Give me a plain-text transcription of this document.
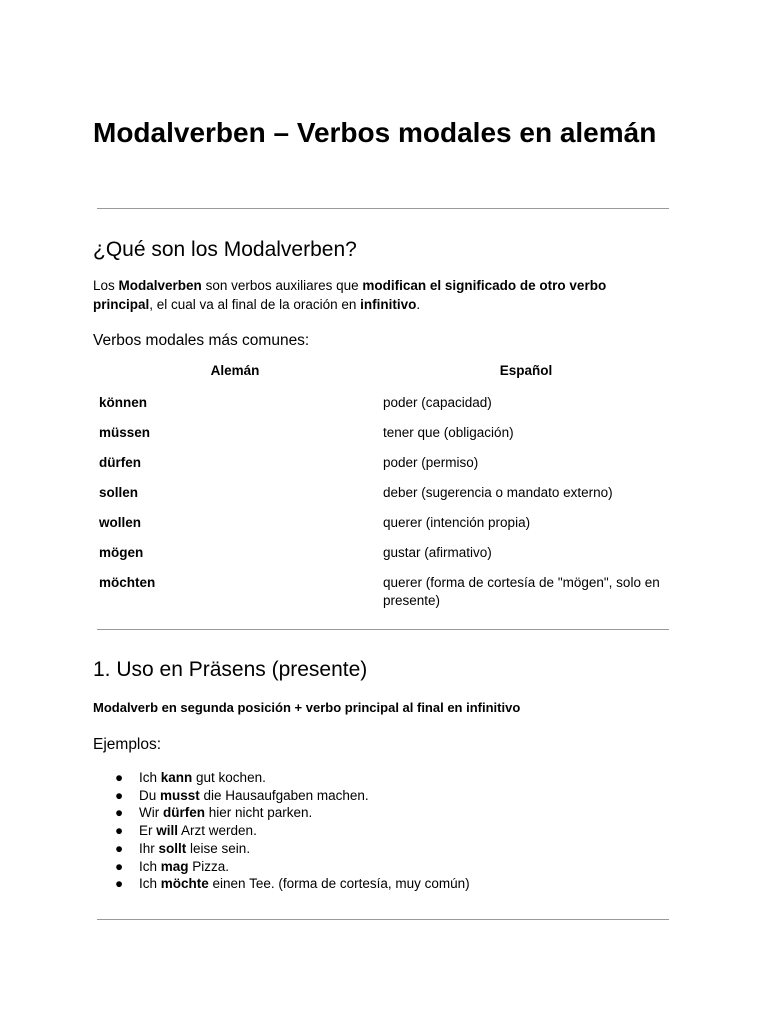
Modalverben – Verbos modales en alemán
¿Qué son los Modalverben?

Los Modalverben son verbos auxiliares que modifican el significado de otro verbo principal, el cual va al final de la oración en infinitivo.

Verbos modales más comunes:
Alemán	Español
können	poder (capacidad)
müssen	tener que (obligación)
dürfen	poder (permiso)
sollen	deber (sugerencia o mandato externo)
wollen	querer (intención propia)
mögen	gustar (afirmativo)
möchten	querer (forma de cortesía de "mögen", solo en presente)
1. Uso en Präsens (presente)

Modalverb en segunda posición + verbo principal al final en infinitivo

Ejemplos:
● Ich kann gut kochen.
● Du musst die Hausaufgaben machen.
● Wir dürfen hier nicht parken.
● Er will Arzt werden.
● Ihr sollt leise sein.
● Ich mag Pizza.
● Ich möchte einen Tee. (forma de cortesía, muy común)
